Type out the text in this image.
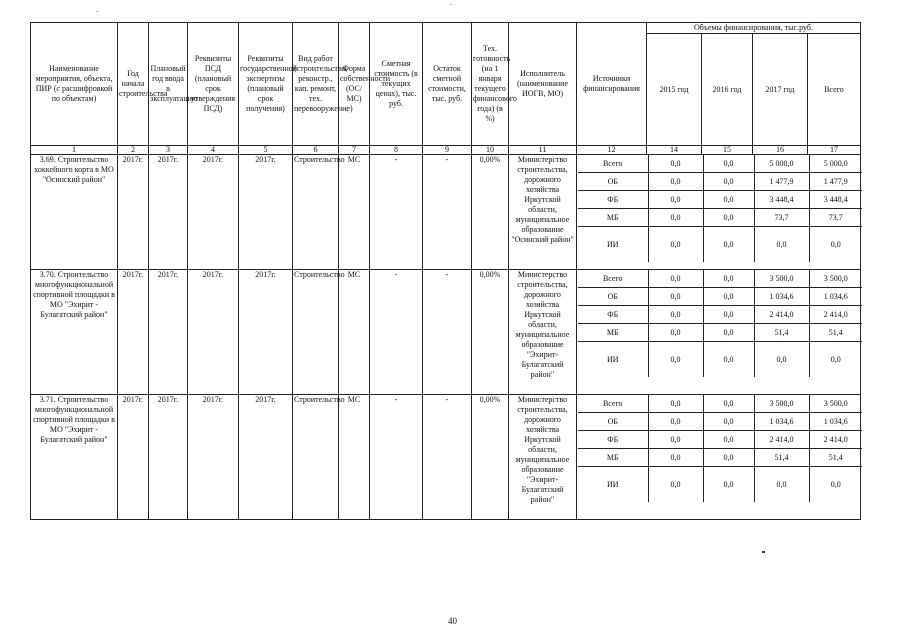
Наименование мероприятия, объекта, ПИР (с расшифровкой по объектам)	Год начала строительства	Плановый год ввода в эксплуатацию	Реквизиты ПСД (плановый срок утверждения ПСД)	Реквизиты государственной экспертизы (плановый срок получения)	Вид работ (строительство, реконстр., кап. ремонт, тех. перевооружение)	Форма собственности (ОС/МС)	Сметная стоимость (в текущих ценах), тыс. руб.	Остаток сметной стоимости, тыс. руб.	Тех. готовность (на 1 января текущего финансового года) (в %)	Исполнитель (наименование ИОГВ, МО)	Источники финансирования	Объемы финансирования, тыс.руб.
2015 год	2016 год	2017 год	Всего
1	2	3	4	5	6	7	8	9	10	11	12	14	15	16	17
3.69. Строительство хоккейного корта в МО "Осинский район"	2017г.	2017г.	2017г.	2017г.	Строительство	МС	-	-	0,00%	Министерство строительства, дорожного хозяйства Иркутской области, муниципальное образование "Осинский район"	
Всего	0,0	0,0	5 000,0	5 000,0
ОБ	0,0	0,0	1 477,9	1 477,9
ФБ	0,0	0,0	3 448,4	3 448,4
МБ	0,0	0,0	73,7	73,7
ИИ	0,0	0,0	0,0	0,0

3.70. Строительство многофункциональной спортивной площадки в МО "Эхирит - Булагатский район"	2017г.	2017г.	2017г.	2017г.	Строительство	МС	-	-	0,00%	Министерство строительства, дорожного хозяйства Иркутской области, муниципальное образование "Эхирит-Булагатский район"	
Всего	0,0	0,0	3 500,0	3 500,0
ОБ	0,0	0,0	1 034,6	1 034,6
ФБ	0,0	0,0	2 414,0	2 414,0
МБ	0,0	0,0	51,4	51,4
ИИ	0,0	0,0	0,0	0,0

3.71. Строительство многофункциональной спортивной площадки в МО "Эхирит - Булагатский район"	2017г.	2017г.	2017г.	2017г.	Строительство	МС	-	-	0,00%	Министерство строительства, дорожного хозяйства Иркутской области, муниципальное образование "Эхирит-Булагатский район"	
Всего	0,0	0,0	3 500,0	3 500,0
ОБ	0,0	0,0	1 034,6	1 034,6
ФБ	0,0	0,0	2 414,0	2 414,0
МБ	0,0	0,0	51,4	51,4
ИИ	0,0	0,0	0,0	0,0
40
